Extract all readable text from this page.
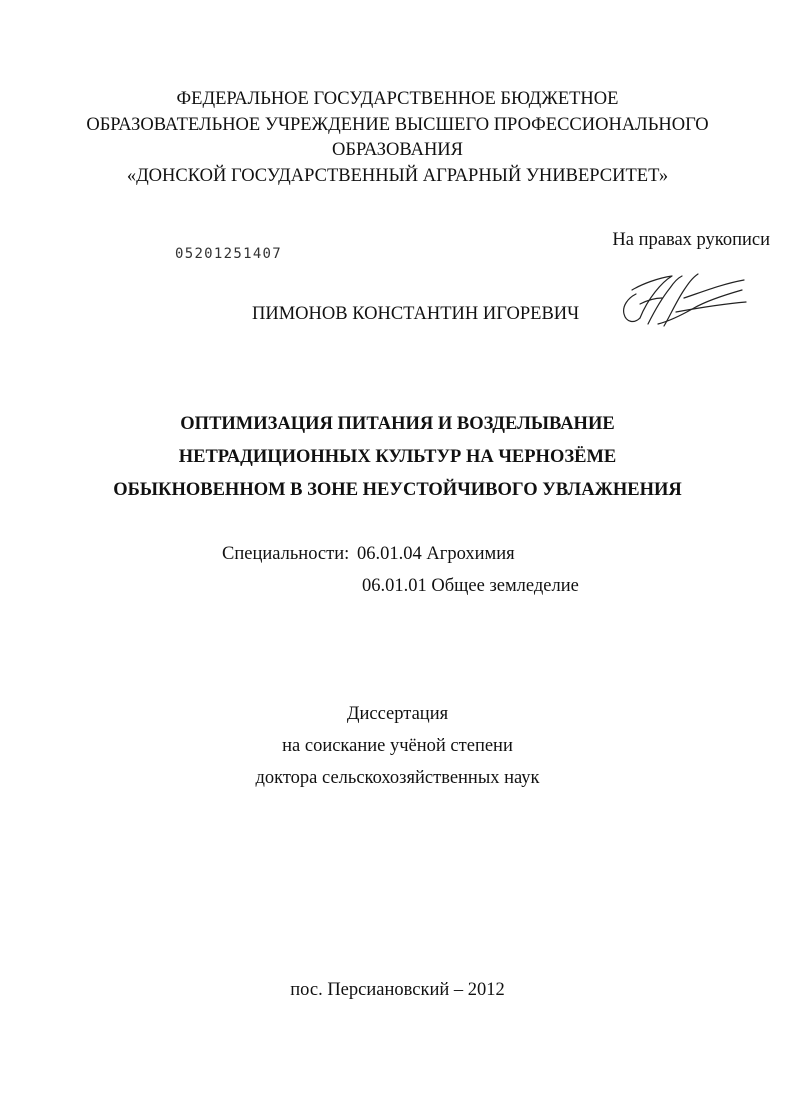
ФЕДЕРАЛЬНОЕ ГОСУДАРСТВЕННОЕ БЮДЖЕТНОЕ
ОБРАЗОВАТЕЛЬНОЕ УЧРЕЖДЕНИЕ ВЫСШЕГО ПРОФЕССИОНАЛЬНОГО
ОБРАЗОВАНИЯ
«ДОНСКОЙ ГОСУДАРСТВЕННЫЙ АГРАРНЫЙ УНИВЕРСИТЕТ»
На правах рукописи
05201251407
ПИМОНОВ КОНСТАНТИН ИГОРЕВИЧ
ОПТИМИЗАЦИЯ ПИТАНИЯ И ВОЗДЕЛЫВАНИЕ
НЕТРАДИЦИОННЫХ КУЛЬТУР НА ЧЕРНОЗЁМЕ
ОБЫКНОВЕННОМ В ЗОНЕ НЕУСТОЙЧИВОГО УВЛАЖНЕНИЯ
Специальности: 06.01.04 Агрохимия
06.01.01 Общее земледелие
Диссертация
на соискание учёной степени
доктора сельскохозяйственных наук
пос. Персиановский – 2012
